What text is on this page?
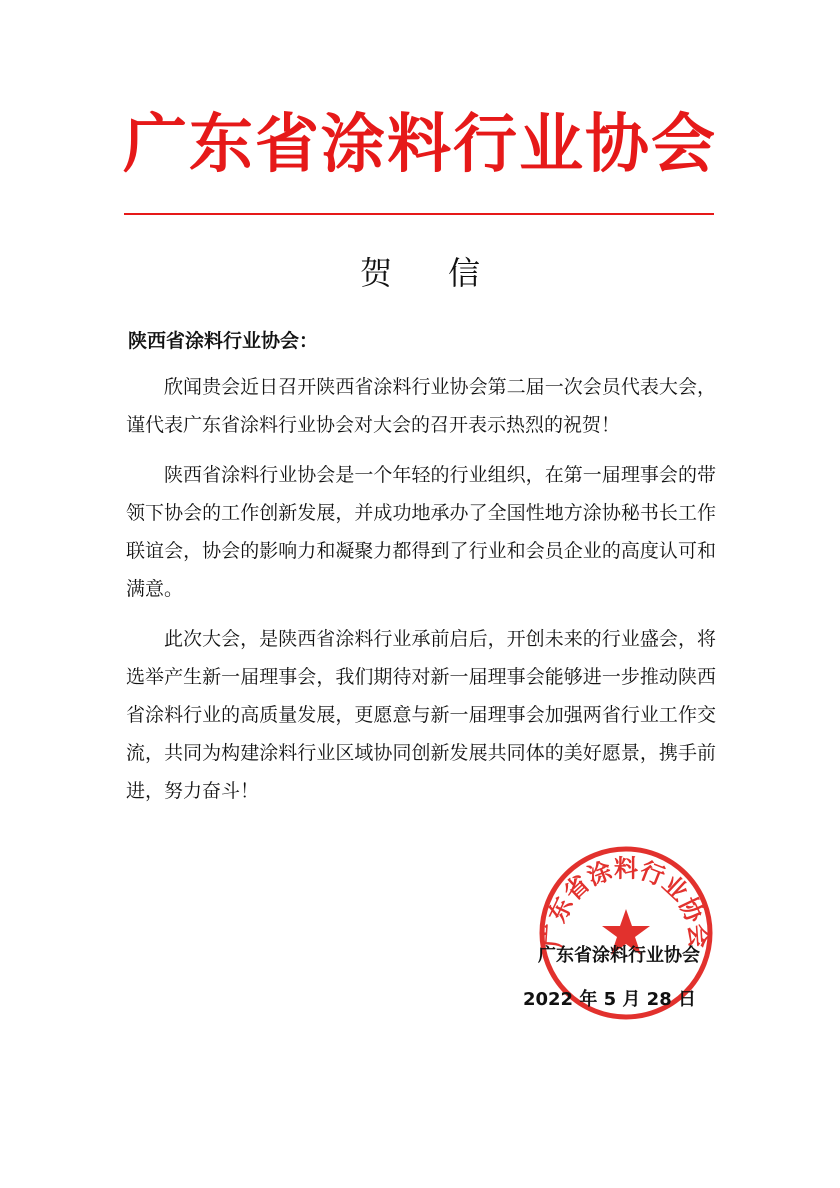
广东省涂料行业协会
贺信
陕西省涂料行业协会：

欣闻贵会近日召开陕西省涂料行业协会第二届一次会员代表大会， 谨代表广东省涂料行业协会对大会的召开表示热烈的祝贺！

陕西省涂料行业协会是一个年轻的行业组织，在第一届理事会的带领下协会的工作创新发展，并成功地承办了全国性地方涂协秘书长工作联谊会，协会的影响力和凝聚力都得到了行业和会员企业的高度认可和满意。

此次大会，是陕西省涂料行业承前启后，开创未来的行业盛会，将选举产生新一届理事会，我们期待对新一届理事会能够进一步推动陕西省涂料行业的高质量发展，更愿意与新一届理事会加强两省行业工作交流，共同为构建涂料行业区域协同创新发展共同体的美好愿景，携手前进，努力奋斗！

广东省涂料行业协会
广东省涂料行业协会
2022 年 5 月 28 日
